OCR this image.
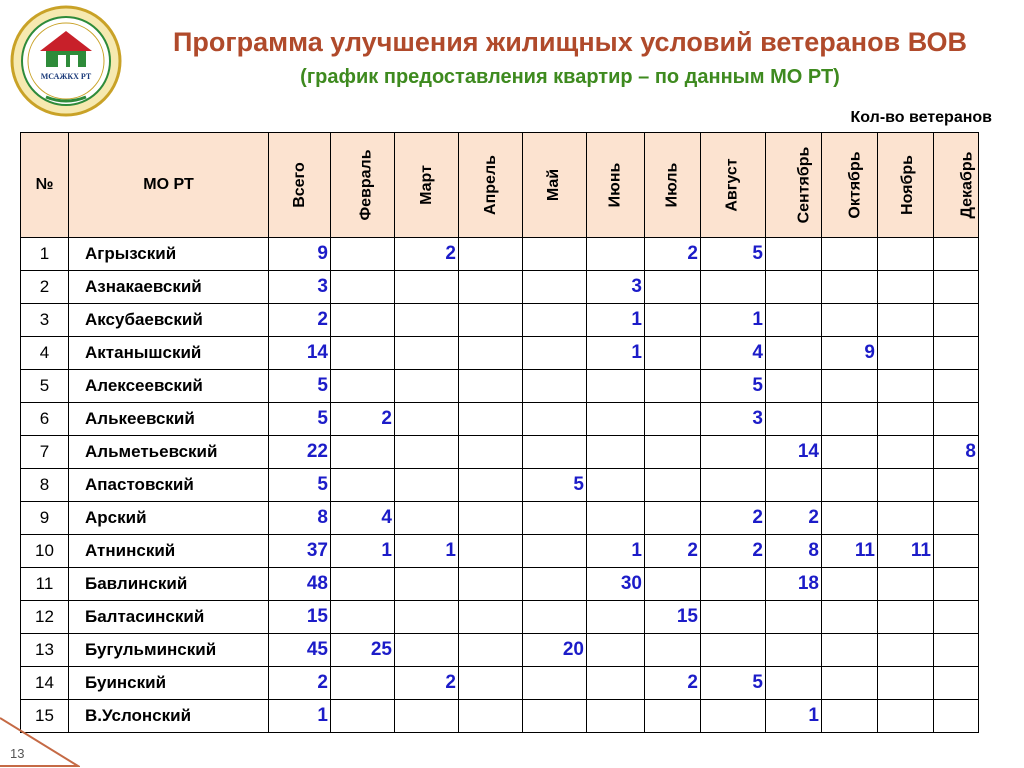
МСАЖКХ РТ
Программа улучшения жилищных условий ветеранов ВОВ
(график предоставления квартир – по данным МО РТ)
Кол-во ветеранов
№	МО РТ	Всего	Февраль	Март	Апрель	Май	Июнь	Июль	Август	Сентябрь	Октябрь	Ноябрь	Декабрь
1	Агрызский	9		2				2	5				
2	Азнакаевский	3					3						
3	Аксубаевский	2					1		1				
4	Актанышский	14					1		4		9		
5	Алексеевский	5							5				
6	Алькеевский	5	2						3				
7	Альметьевский	22								14			8
8	Апастовский	5				5							
9	Арский	8	4						2	2			
10	Атнинский	37	1	1			1	2	2	8	11	11	
11	Бавлинский	48					30			18			
12	Балтасинский	15						15					
13	Бугульминский	45	25			20							
14	Буинский	2		2				2	5				
15	В.Услонский	1								1			
13
